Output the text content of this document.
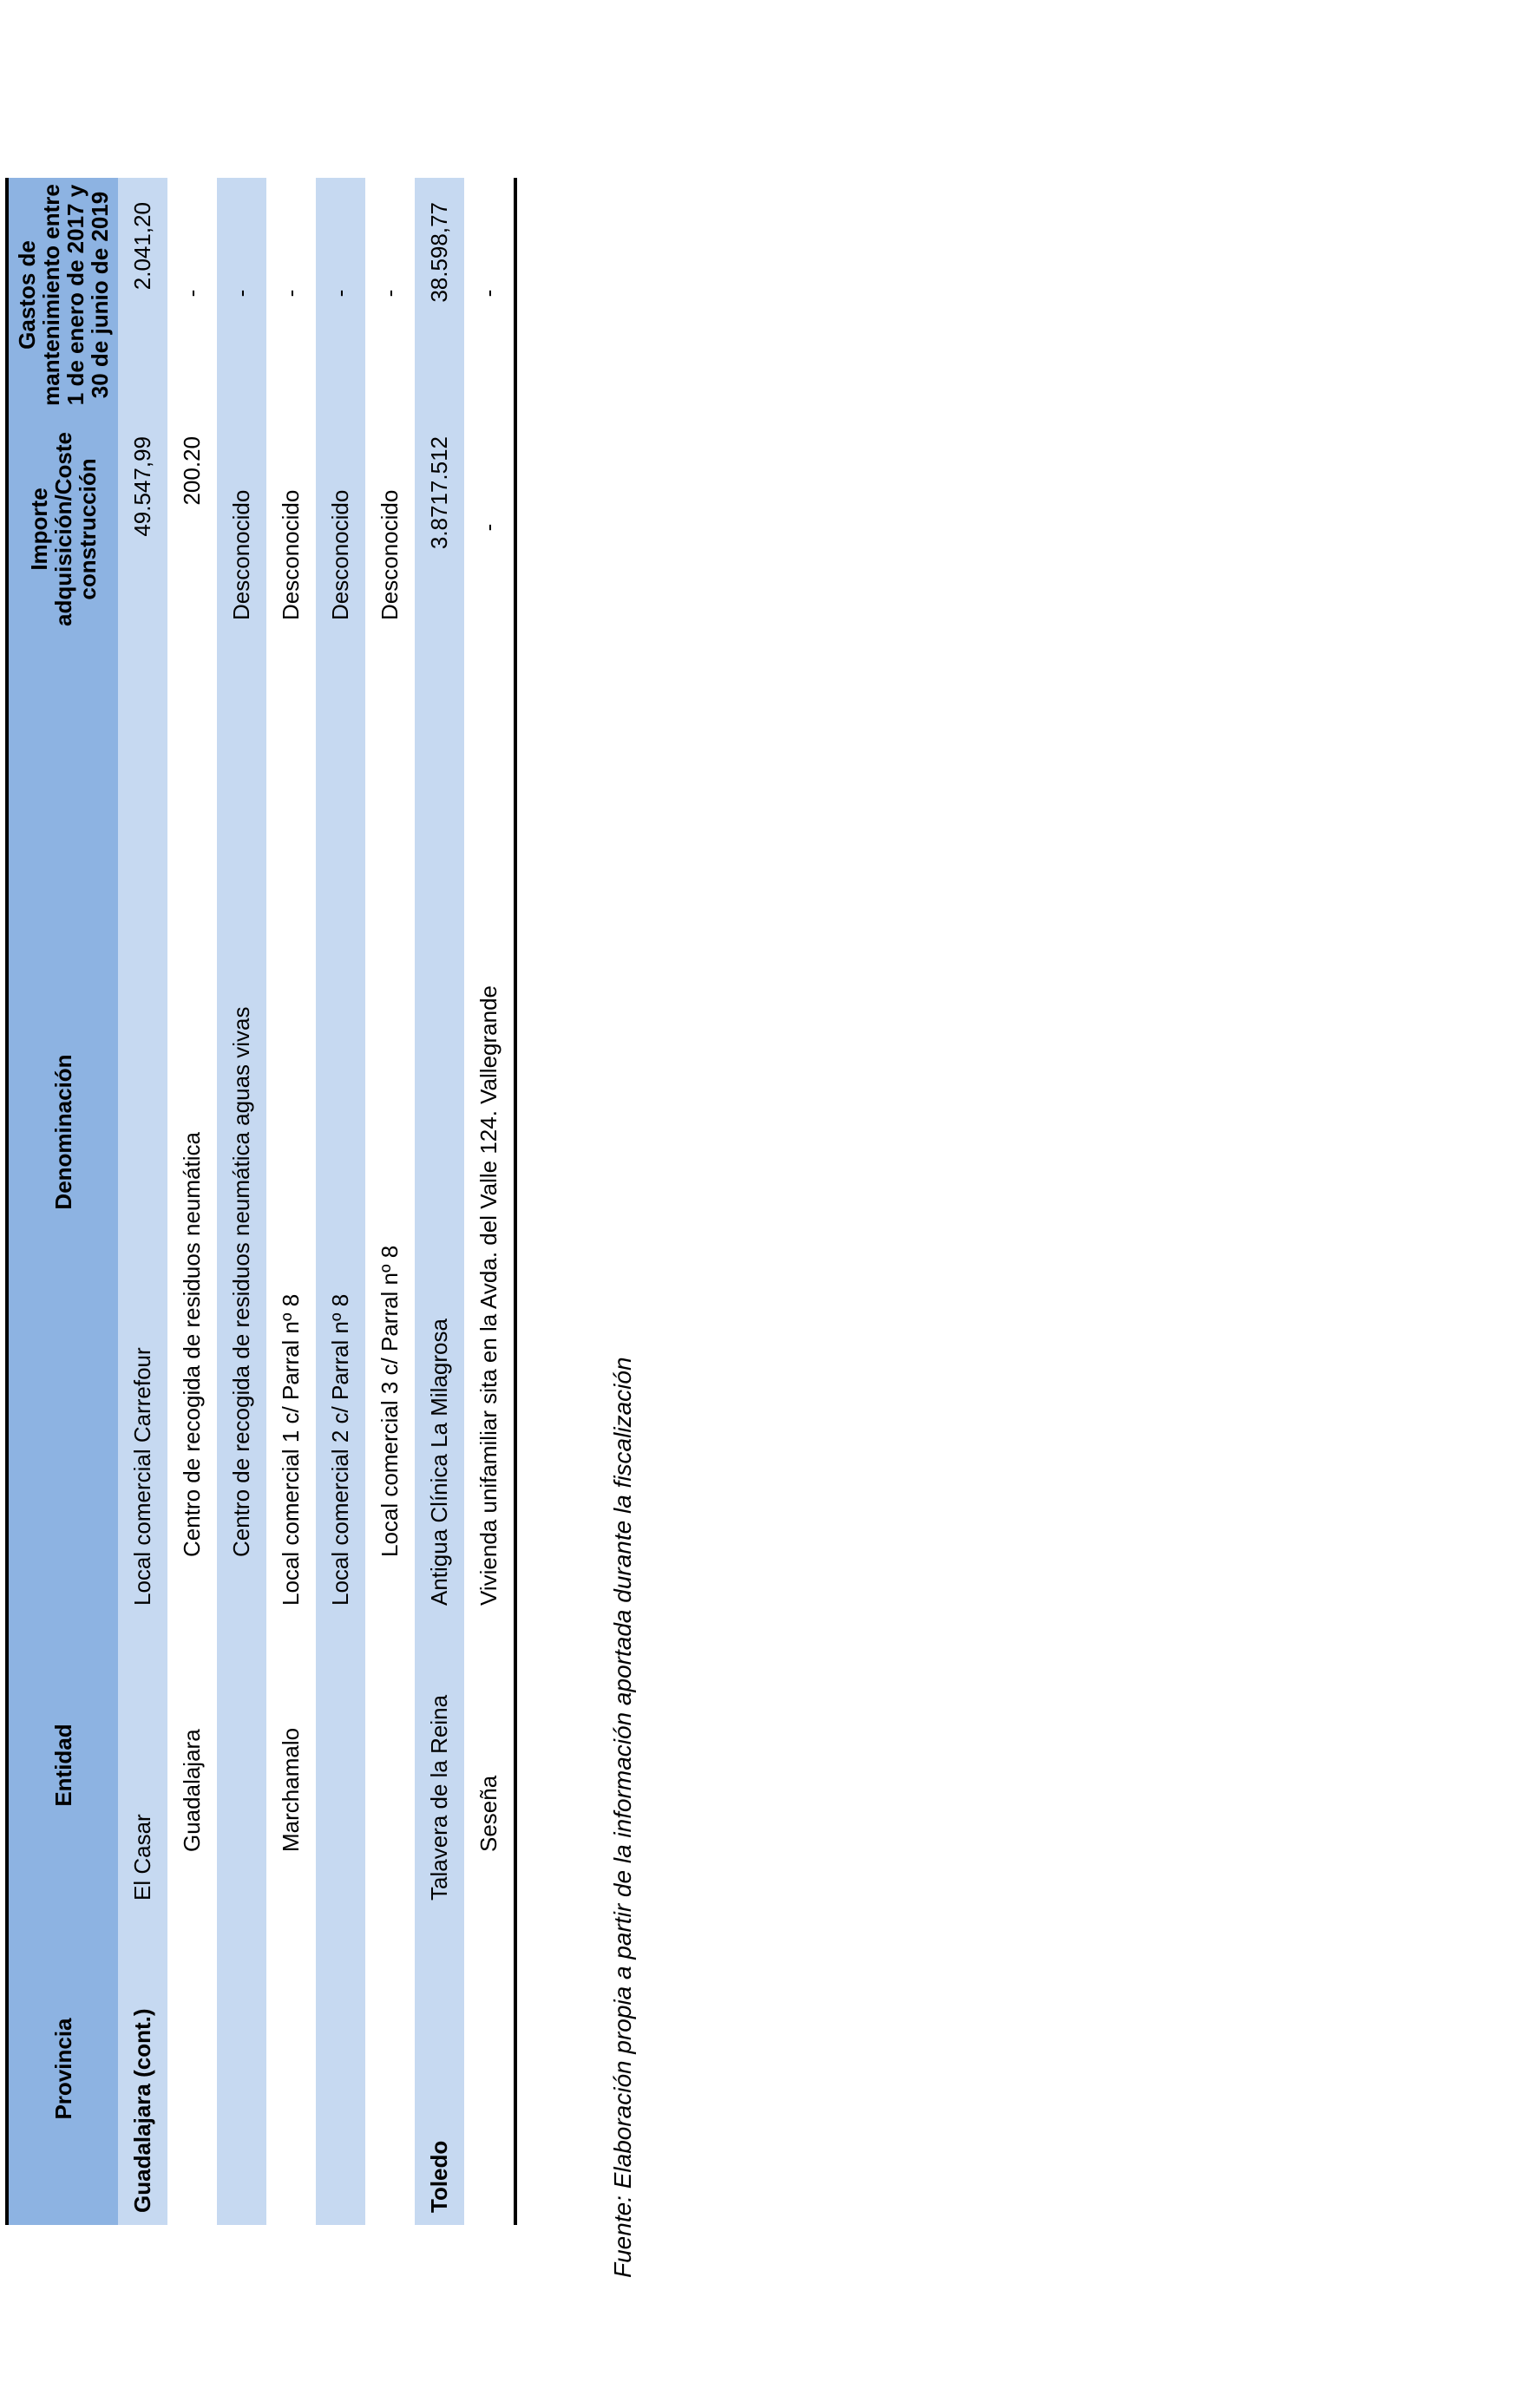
Provincia	Entidad	Denominación	Importe adquisición/Coste construcción	Gastos de mantenimiento entre 1 de enero de 2017 y 30 de junio de 2019
Guadalajara (cont.)	El Casar	Local comercial Carrefour	49.547,99	2.041,20
	Guadalajara	Centro de recogida de residuos neumática	200.20	-
		Centro de recogida de residuos neumática aguas vivas	Desconocido	-
	Marchamalo	Local comercial 1 c/ Parral nº 8	Desconocido	-
		Local comercial 2 c/ Parral nº 8	Desconocido	-
		Local comercial 3 c/ Parral nº 8	Desconocido	-
Toledo	Talavera de la Reina	Antigua Clínica La Milagrosa	3.8717.512	38.598,77
	Seseña	Vivienda unifamiliar sita en la Avda. del Valle 124. Vallegrande	-	-
Fuente: Elaboración propia a partir de la información aportada durante la fiscalización
